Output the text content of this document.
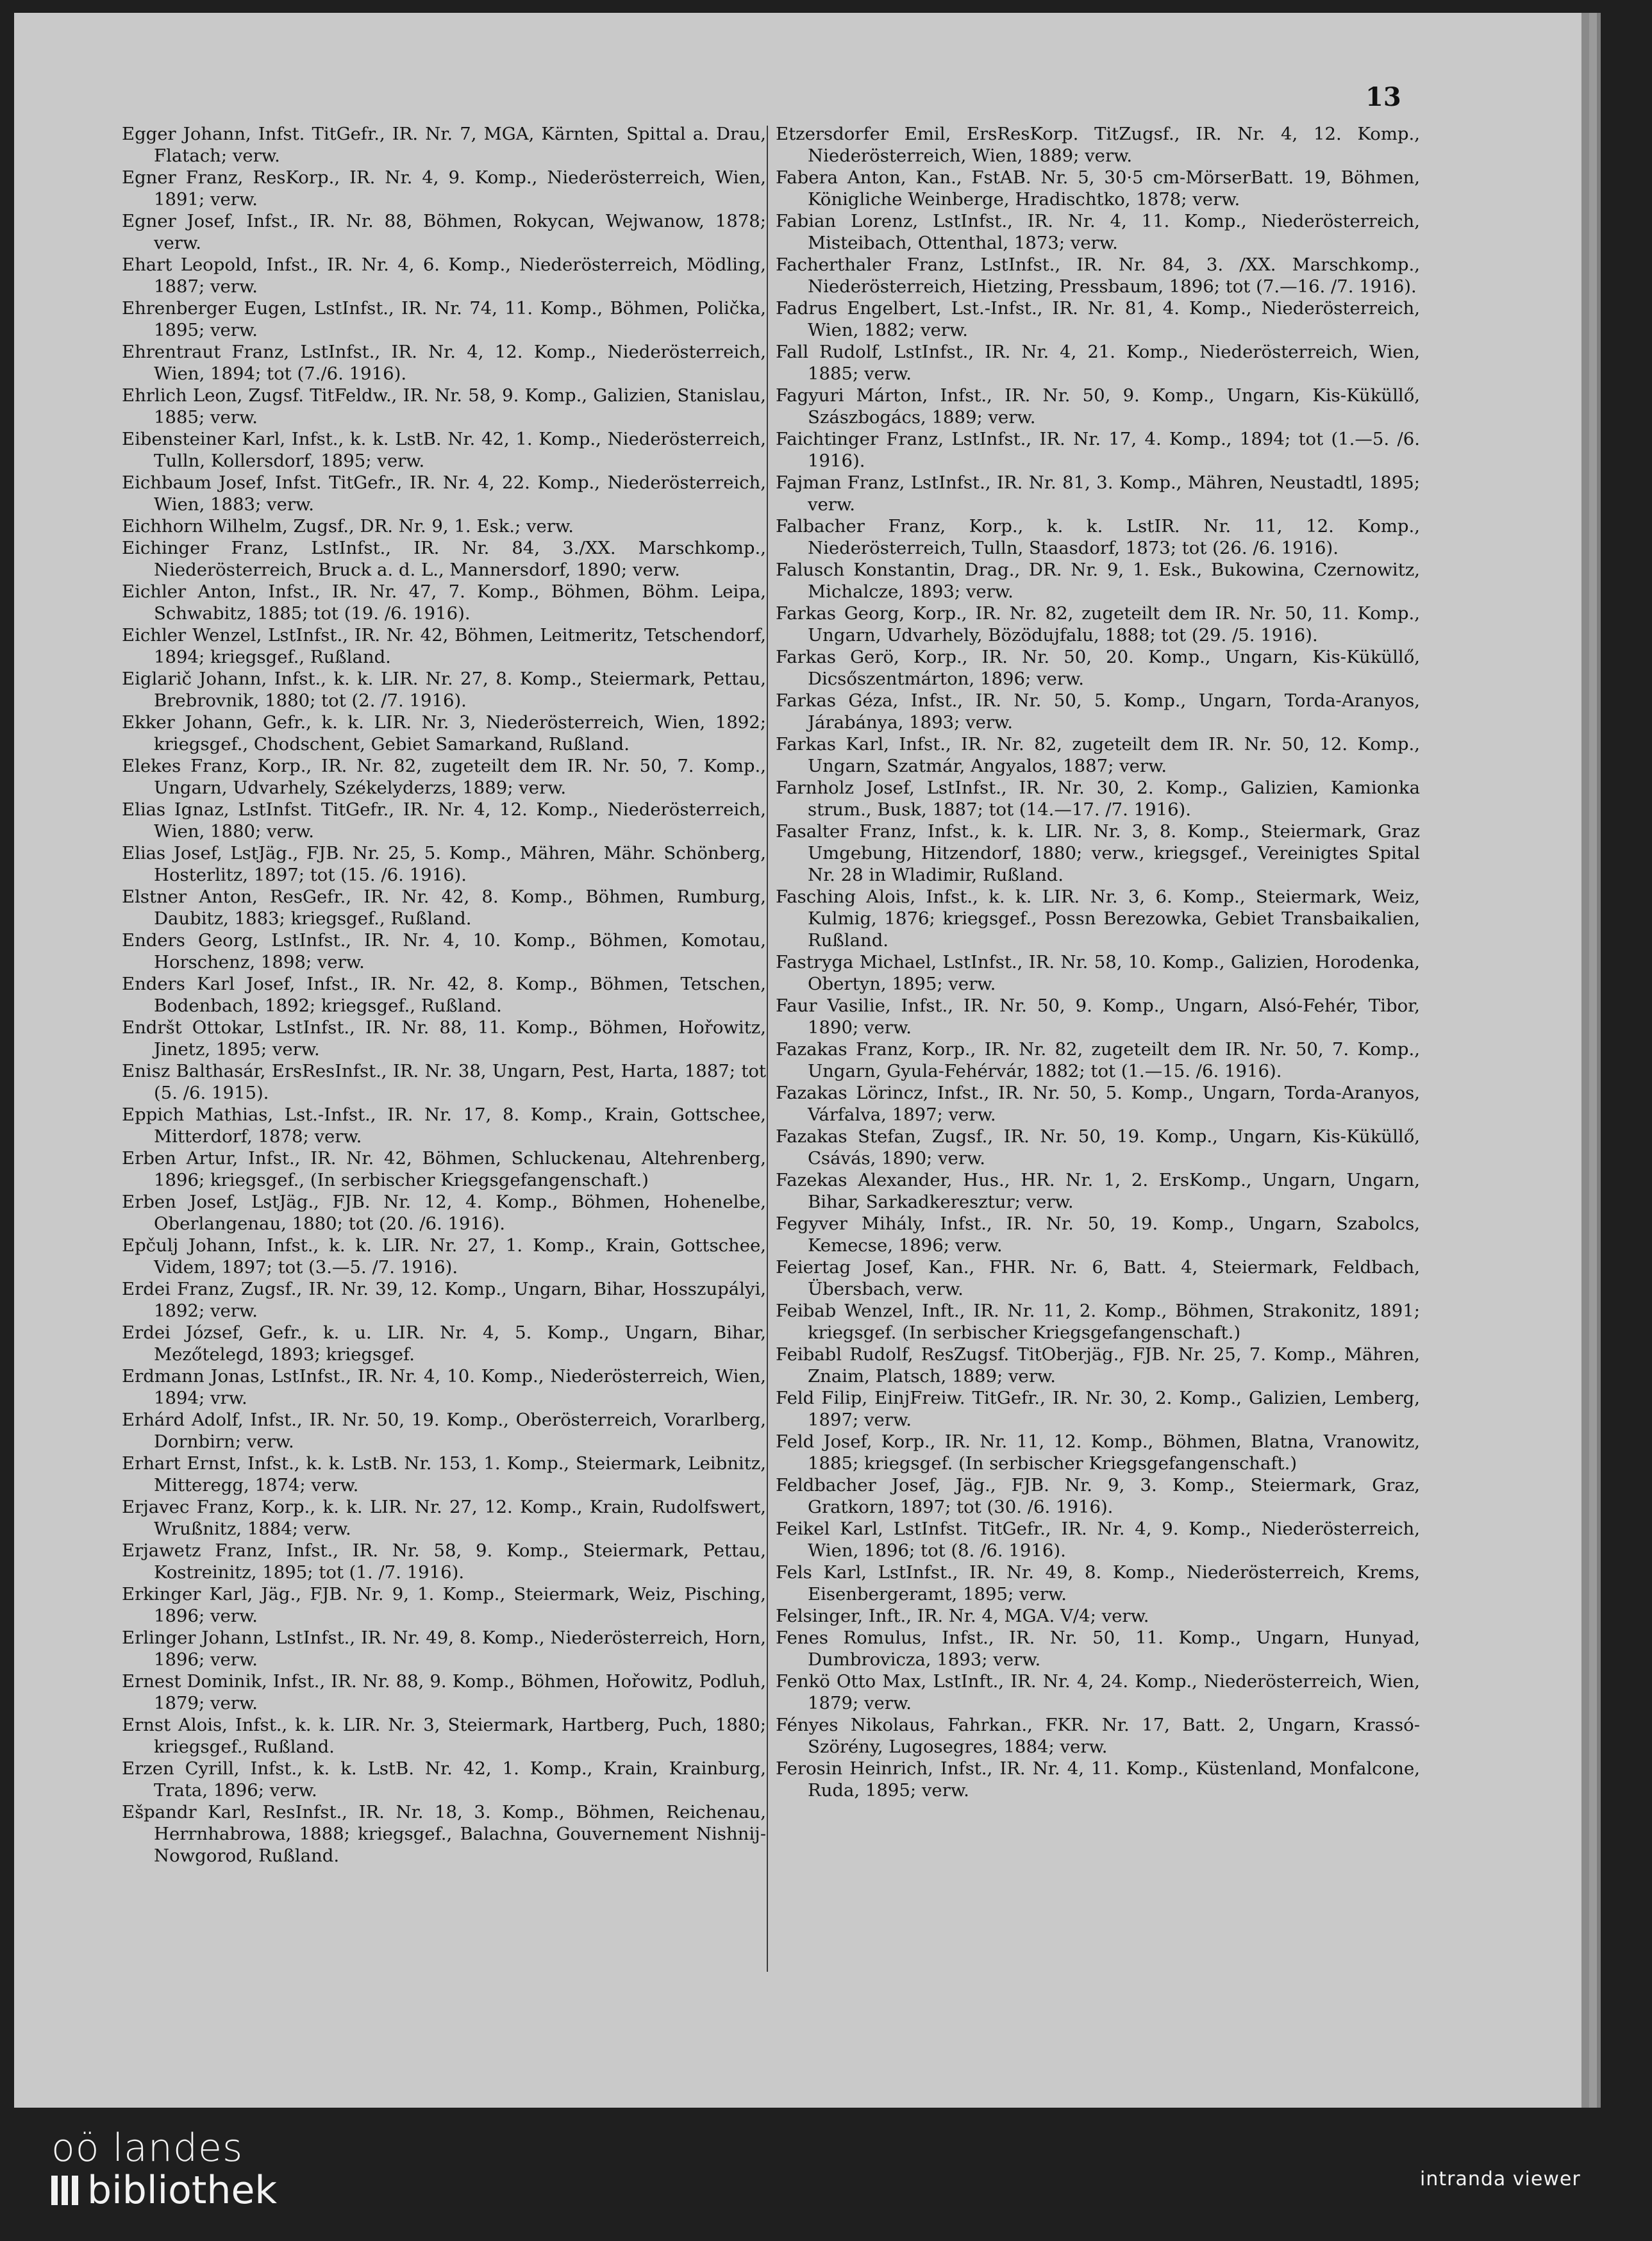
13

Egger Johann, Infst. TitGefr., IR. Nr. 7, MGA, Kärnten, Spittal a. Drau, Flatach; verw.

Egner Franz, ResKorp., IR. Nr. 4, 9. Komp., Niederösterreich, Wien, 1891; verw.

Egner Josef, Infst., IR. Nr. 88, Böhmen, Rokycan, Wejwanow, 1878; verw.

Ehart Leopold, Infst., IR. Nr. 4, 6. Komp., Niederösterreich, Mödling, 1887; verw.

Ehrenberger Eugen, LstInfst., IR. Nr. 74, 11. Komp., Böhmen, Polička, 1895; verw.

Ehrentraut Franz, LstInfst., IR. Nr. 4, 12. Komp., Niederösterreich, Wien, 1894; tot (7./6. 1916).

Ehrlich Leon, Zugsf. TitFeldw., IR. Nr. 58, 9. Komp., Galizien, Stanislau, 1885; verw.

Eibensteiner Karl, Infst., k. k. LstB. Nr. 42, 1. Komp., Niederösterreich, Tulln, Kollersdorf, 1895; verw.

Eichbaum Josef, Infst. TitGefr., IR. Nr. 4, 22. Komp., Niederösterreich, Wien, 1883; verw.

Eichhorn Wilhelm, Zugsf., DR. Nr. 9, 1. Esk.; verw.

Eichinger Franz, LstInfst., IR. Nr. 84, 3./XX. Marschkomp., Niederösterreich, Bruck a. d. L., Mannersdorf, 1890; verw.

Eichler Anton, Infst., IR. Nr. 47, 7. Komp., Böhmen, Böhm. Leipa, Schwabitz, 1885; tot (19. /6. 1916).

Eichler Wenzel, LstInfst., IR. Nr. 42, Böhmen, Leitmeritz, Tetschendorf, 1894; kriegsgef., Rußland.

Eiglarič Johann, Infst., k. k. LIR. Nr. 27, 8. Komp., Steiermark, Pettau, Brebrovnik, 1880; tot (2. /7. 1916).

Ekker Johann, Gefr., k. k. LIR. Nr. 3, Niederösterreich, Wien, 1892; kriegsgef., Chodschent, Gebiet Samarkand, Rußland.

Elekes Franz, Korp., IR. Nr. 82, zugeteilt dem IR. Nr. 50, 7. Komp., Ungarn, Udvarhely, Székelyderzs, 1889; verw.

Elias Ignaz, LstInfst. TitGefr., IR. Nr. 4, 12. Komp., Niederösterreich, Wien, 1880; verw.

Elias Josef, LstJäg., FJB. Nr. 25, 5. Komp., Mähren, Mähr. Schönberg, Hosterlitz, 1897; tot (15. /6. 1916).

Elstner Anton, ResGefr., IR. Nr. 42, 8. Komp., Böhmen, Rumburg, Daubitz, 1883; kriegsgef., Rußland.

Enders Georg, LstInfst., IR. Nr. 4, 10. Komp., Böhmen, Komotau, Horschenz, 1898; verw.

Enders Karl Josef, Infst., IR. Nr. 42, 8. Komp., Böhmen, Tetschen, Bodenbach, 1892; kriegsgef., Rußland.

Endršt Ottokar, LstInfst., IR. Nr. 88, 11. Komp., Böhmen, Hořowitz, Jinetz, 1895; verw.

Enisz Balthasár, ErsResInfst., IR. Nr. 38, Ungarn, Pest, Harta, 1887; tot (5. /6. 1915).

Eppich Mathias, Lst.-Infst., IR. Nr. 17, 8. Komp., Krain, Gottschee, Mitterdorf, 1878; verw.

Erben Artur, Infst., IR. Nr. 42, Böhmen, Schluckenau, Altehrenberg, 1896; kriegsgef., (In serbischer Kriegsgefangenschaft.)

Erben Josef, LstJäg., FJB. Nr. 12, 4. Komp., Böhmen, Hohenelbe, Oberlangenau, 1880; tot (20. /6. 1916).

Ерčulj Johann, Infst., k. k. LIR. Nr. 27, 1. Komp., Krain, Gottschee, Videm, 1897; tot (3.—5. /7. 1916).

Erdei Franz, Zugsf., IR. Nr. 39, 12. Komp., Ungarn, Bihar, Hosszupályi, 1892; verw.

Erdei József, Gefr., k. u. LIR. Nr. 4, 5. Komp., Ungarn, Bihar, Mezőtelegd, 1893; kriegsgef.

Erdmann Jonas, LstInfst., IR. Nr. 4, 10. Komp., Niederösterreich, Wien, 1894; vrw.

Erhárd Adolf, Infst., IR. Nr. 50, 19. Komp., Oberösterreich, Vorarlberg, Dornbirn; verw.

Erhart Ernst, Infst., k. k. LstB. Nr. 153, 1. Komp., Steiermark, Leibnitz, Mitteregg, 1874; verw.

Erjavec Franz, Korp., k. k. LIR. Nr. 27, 12. Komp., Krain, Rudolfswert, Wrußnitz, 1884; verw.

Erjawetz Franz, Infst., IR. Nr. 58, 9. Komp., Steiermark, Pettau, Kostreinitz, 1895; tot (1. /7. 1916).

Erkinger Karl, Jäg., FJB. Nr. 9, 1. Komp., Steiermark, Weiz, Pisching, 1896; verw.

Erlinger Johann, LstInfst., IR. Nr. 49, 8. Komp., Niederösterreich, Horn, 1896; verw.

Ernest Dominik, Infst., IR. Nr. 88, 9. Komp., Böhmen, Hořowitz, Podluh, 1879; verw.

Ernst Alois, Infst., k. k. LIR. Nr. 3, Steiermark, Hartberg, Puch, 1880; kriegsgef., Rußland.

Erzen Cyrill, Infst., k. k. LstB. Nr. 42, 1. Komp., Krain, Krainburg, Trata, 1896; verw.

Ešpandr Karl, ResInfst., IR. Nr. 18, 3. Komp., Böhmen, Reichenau, Herrnhabrowa, 1888; kriegsgef., Balachna, Gouvernement Nishnij-Nowgorod, Rußland.

Etzersdorfer Emil, ErsResKorp. TitZugsf., IR. Nr. 4, 12. Komp., Niederösterreich, Wien, 1889; verw.

Fabera Anton, Kan., FstAB. Nr. 5, 30·5 cm-MörserBatt. 19, Böhmen, Königliche Weinberge, Hradischtko, 1878; verw.

Fabian Lorenz, LstInfst., IR. Nr. 4, 11. Komp., Niederösterreich, Misteibach, Ottenthal, 1873; verw.

Facherthaler Franz, LstInfst., IR. Nr. 84, 3. /XX. Marschkomp., Niederösterreich, Hietzing, Pressbaum, 1896; tot (7.—16. /7. 1916).

Fadrus Engelbert, Lst.-Infst., IR. Nr. 81, 4. Komp., Niederösterreich, Wien, 1882; verw.

Fall Rudolf, LstInfst., IR. Nr. 4, 21. Komp., Niederösterreich, Wien, 1885; verw.

Fagyuri Márton, Infst., IR. Nr. 50, 9. Komp., Ungarn, Kis-Küküllő, Szászbogács, 1889; verw.

Faichtinger Franz, LstInfst., IR. Nr. 17, 4. Komp., 1894; tot (1.—5. /6. 1916).

Fajman Franz, LstInfst., IR. Nr. 81, 3. Komp., Mähren, Neustadtl, 1895; verw.

Falbacher Franz, Korp., k. k. LstIR. Nr. 11, 12. Komp., Niederösterreich, Tulln, Staasdorf, 1873; tot (26. /6. 1916).

Falusch Konstantin, Drag., DR. Nr. 9, 1. Esk., Bukowina, Czernowitz, Michalcze, 1893; verw.

Farkas Georg, Korp., IR. Nr. 82, zugeteilt dem IR. Nr. 50, 11. Komp., Ungarn, Udvarhely, Bözödujfalu, 1888; tot (29. /5. 1916).

Farkas Gerö, Korp., IR. Nr. 50, 20. Komp., Ungarn, Kis-Küküllő, Dicsőszentmárton, 1896; verw.

Farkas Géza, Infst., IR. Nr. 50, 5. Komp., Ungarn, Torda-Aranyos, Járabánya, 1893; verw.

Farkas Karl, Infst., IR. Nr. 82, zugeteilt dem IR. Nr. 50, 12. Komp., Ungarn, Szatmár, Angyalos, 1887; verw.

Farnholz Josef, LstInfst., IR. Nr. 30, 2. Komp., Galizien, Kamionka strum., Busk, 1887; tot (14.—17. /7. 1916).

Fasalter Franz, Infst., k. k. LIR. Nr. 3, 8. Komp., Steiermark, Graz Umgebung, Hitzendorf, 1880; verw., kriegsgef., Vereinigtes Spital Nr. 28 in Wladimir, Rußland.

Fasching Alois, Infst., k. k. LIR. Nr. 3, 6. Komp., Steiermark, Weiz, Kulmig, 1876; kriegsgef., Possn Berezowka, Gebiet Transbaikalien, Rußland.

Fastryga Michael, LstInfst., IR. Nr. 58, 10. Komp., Galizien, Horodenka, Obertyn, 1895; verw.

Faur Vasilie, Infst., IR. Nr. 50, 9. Komp., Ungarn, Alsó-Fehér, Tibor, 1890; verw.

Fazakas Franz, Korp., IR. Nr. 82, zugeteilt dem IR. Nr. 50, 7. Komp., Ungarn, Gyula-Fehérvár, 1882; tot (1.—15. /6. 1916).

Fazakas Lörincz, Infst., IR. Nr. 50, 5. Komp., Ungarn, Torda-Aranyos, Várfalva, 1897; verw.

Fazakas Stefan, Zugsf., IR. Nr. 50, 19. Komp., Ungarn, Kis-Küküllő, Csávás, 1890; verw.

Fazekas Alexander, Hus., HR. Nr. 1, 2. ErsKomp., Ungarn, Ungarn, Bihar, Sarkadkeresztur; verw.

Fegyver Mihály, Infst., IR. Nr. 50, 19. Komp., Ungarn, Szabolcs, Kemecse, 1896; verw.

Feiertag Josef, Kan., FHR. Nr. 6, Batt. 4, Steiermark, Feldbach, Übersbach, verw.

Feibab Wenzel, Inft., IR. Nr. 11, 2. Komp., Böhmen, Strakonitz, 1891; kriegsgef. (In serbischer Kriegsgefangenschaft.)

Feibabl Rudolf, ResZugsf. TitOberjäg., FJB. Nr. 25, 7. Komp., Mähren, Znaim, Platsch, 1889; verw.

Feld Filip, EinjFreiw. TitGefr., IR. Nr. 30, 2. Komp., Galizien, Lemberg, 1897; verw.

Feld Josef, Korp., IR. Nr. 11, 12. Komp., Böhmen, Blatna, Vranowitz, 1885; kriegsgef. (In serbischer Kriegsgefangenschaft.)

Feldbacher Josef, Jäg., FJB. Nr. 9, 3. Komp., Steiermark, Graz, Gratkorn, 1897; tot (30. /6. 1916).

Feikel Karl, LstInfst. TitGefr., IR. Nr. 4, 9. Komp., Niederösterreich, Wien, 1896; tot (8. /6. 1916).

Fels Karl, LstInfst., IR. Nr. 49, 8. Komp., Niederösterreich, Krems, Eisenbergeramt, 1895; verw.

Felsinger, Inft., IR. Nr. 4, MGA. V/4; verw.

Fenes Romulus, Infst., IR. Nr. 50, 11. Komp., Ungarn, Hunyad, Dumbrovicza, 1893; verw.

Fenkö Otto Max, LstInft., IR. Nr. 4, 24. Komp., Niederösterreich, Wien, 1879; verw.

Fényes Nikolaus, Fahrkan., FKR. Nr. 17, Batt. 2, Ungarn, Krassó-Szörény, Lugosegres, 1884; verw.

Ferosin Heinrich, Infst., IR. Nr. 4, 11. Komp., Küstenland, Monfalcone, Ruda, 1895; verw.

oö landes
bibliothek	intranda viewer
